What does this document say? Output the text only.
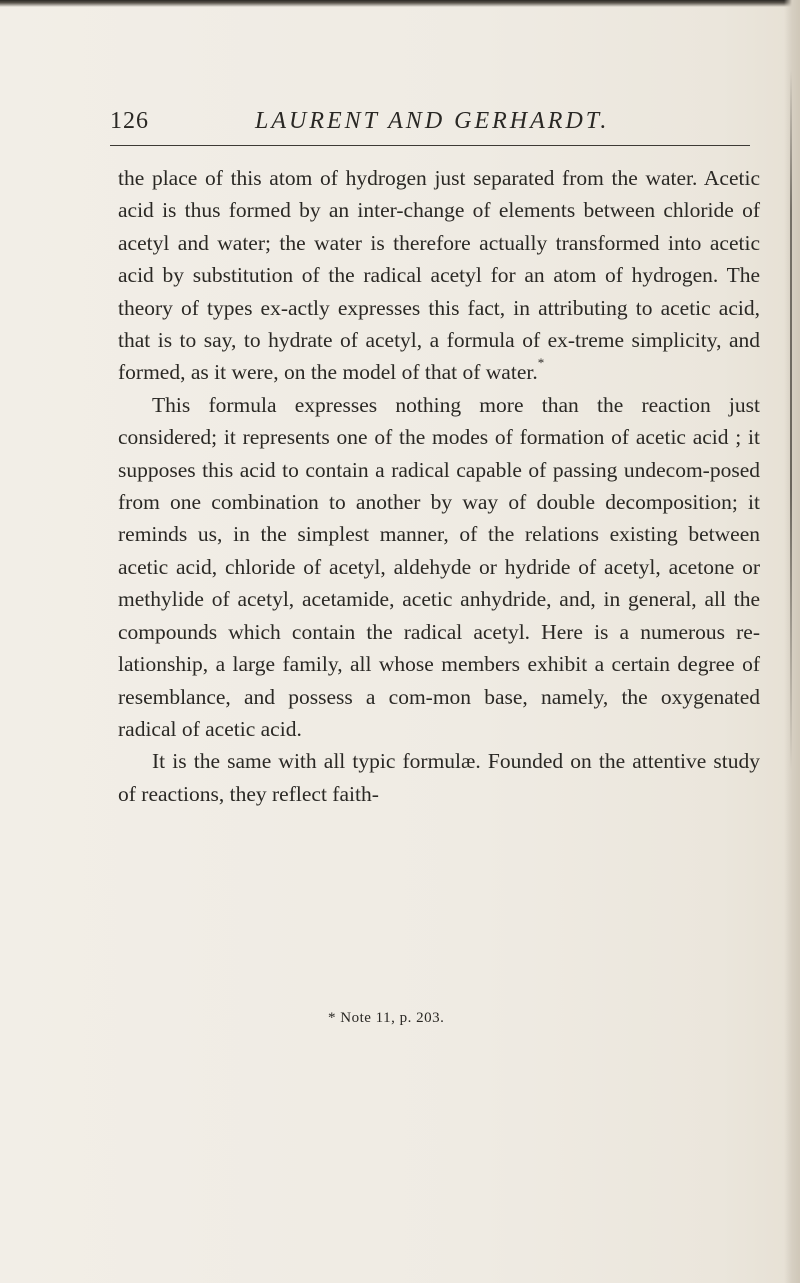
126	LAURENT AND GERHARDT.

the place of this atom of hydrogen just separated from the water. Acetic acid is thus formed by an inter-change of elements between chloride of acetyl and water; the water is therefore actually transformed into acetic acid by substitution of the radical acetyl for an atom of hydrogen. The theory of types ex-actly expresses this fact, in attributing to acetic acid, that is to say, to hydrate of acetyl, a formula of ex-treme simplicity, and formed, as it were, on the model of that of water.*

This formula expresses nothing more than the reaction just considered; it represents one of the modes of formation of acetic acid ; it supposes this acid to contain a radical capable of passing undecom-posed from one combination to another by way of double decomposition; it reminds us, in the simplest manner, of the relations existing between acetic acid, chloride of acetyl, aldehyde or hydride of acetyl, acetone or methylide of acetyl, acetamide, acetic anhydride, and, in general, all the compounds which contain the radical acetyl. Here is a numerous re-lationship, a large family, all whose members exhibit a certain degree of resemblance, and possess a com-mon base, namely, the oxygenated radical of acetic acid.

It is the same with all typic formulæ. Founded on the attentive study of reactions, they reflect faith-

* Note 11, p. 203.
